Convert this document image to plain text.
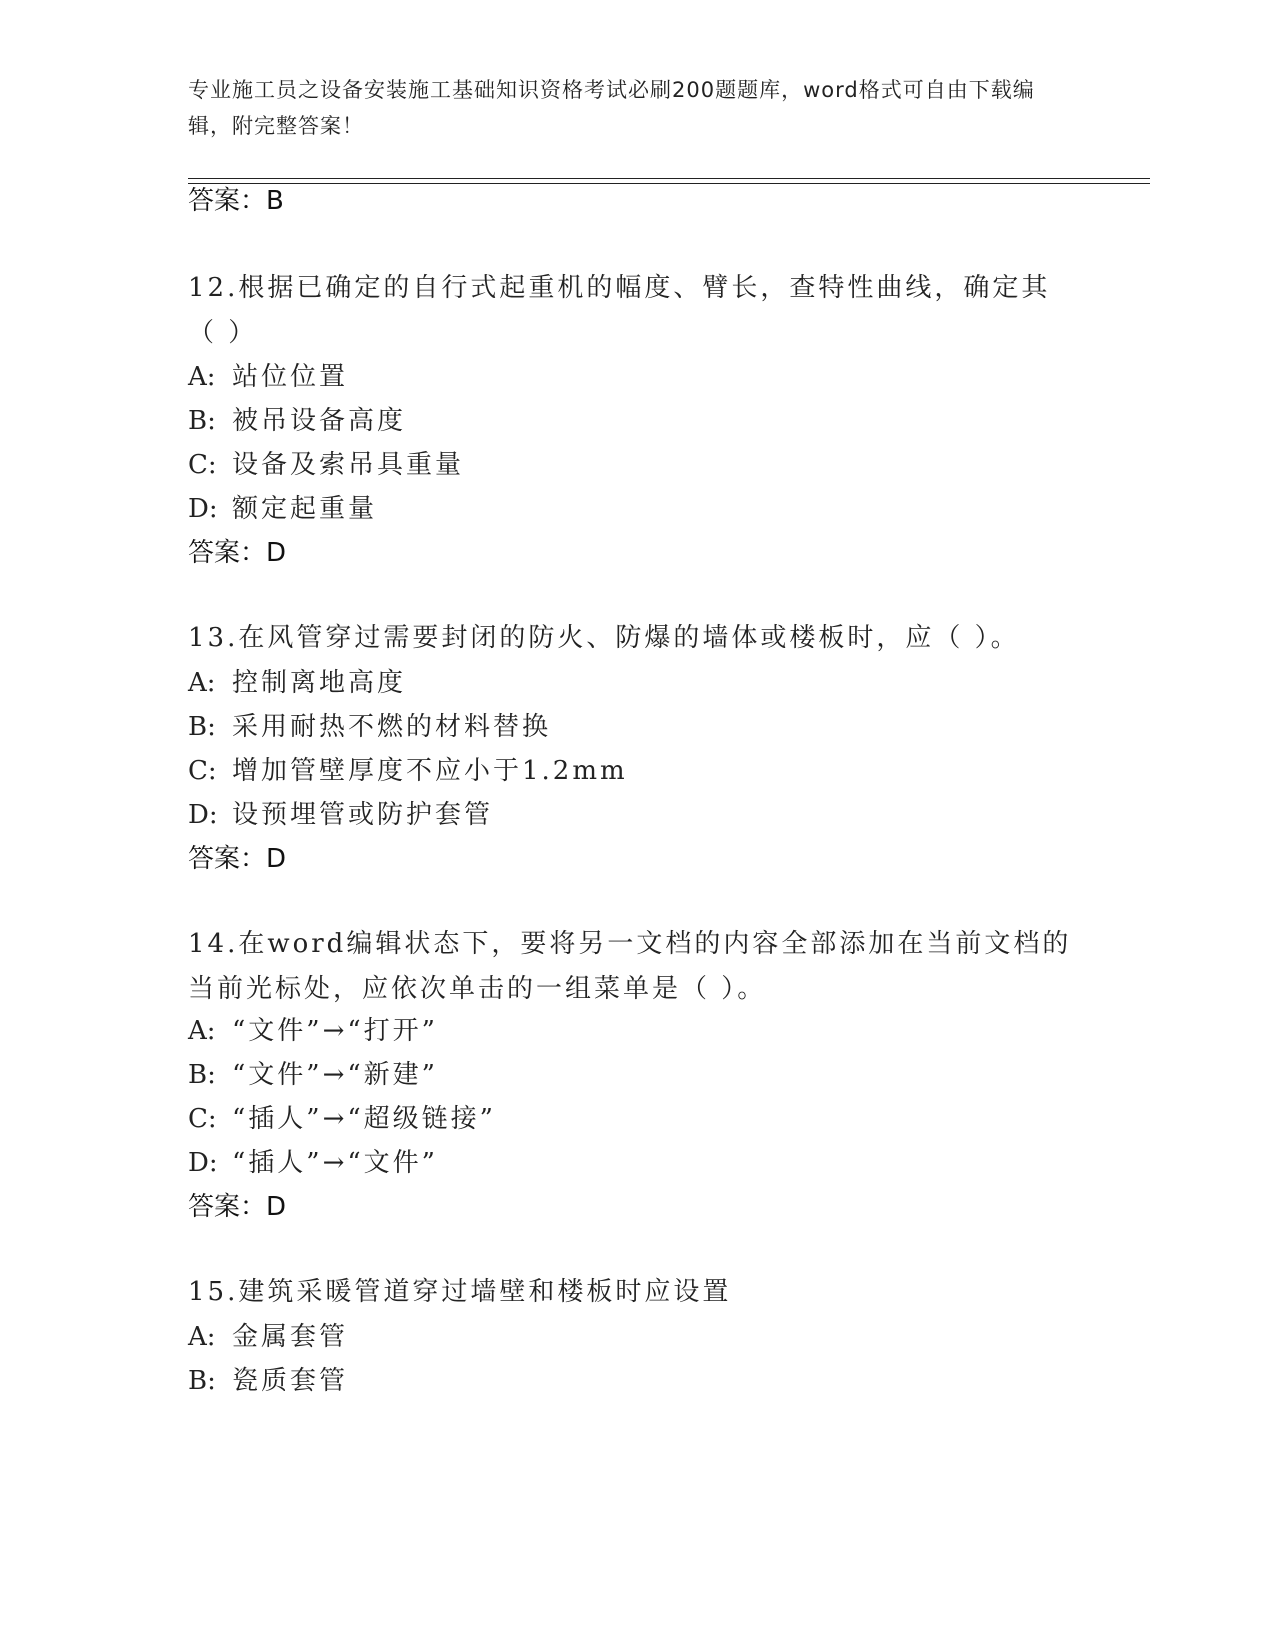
专业施工员之设备安装施工基础知识资格考试必刷200题题库，word格式可自由下载编辑，附完整答案！
答案：B
12.根据已确定的自行式起重机的幅度、臂长，查特性曲线，确定其（ ）
A: 站位位置
B: 被吊设备高度
C: 设备及索吊具重量
D: 额定起重量
答案：D
13.在风管穿过需要封闭的防火、防爆的墙体或楼板时，应（ ）。
A: 控制离地高度
B: 采用耐热不燃的材料替换
C: 增加管壁厚度不应小于1.2mm
D: 设预埋管或防护套管
答案：D
14.在word编辑状态下，要将另一文档的内容全部添加在当前文档的当前光标处，应依次单击的一组菜单是（ ）。
A: “文件”→“打开”
B: “文件”→“新建”
C: “插人”→“超级链接”
D: “插人”→“文件”
答案：D
15.建筑采暖管道穿过墙壁和楼板时应设置
A: 金属套管
B: 瓷质套管
